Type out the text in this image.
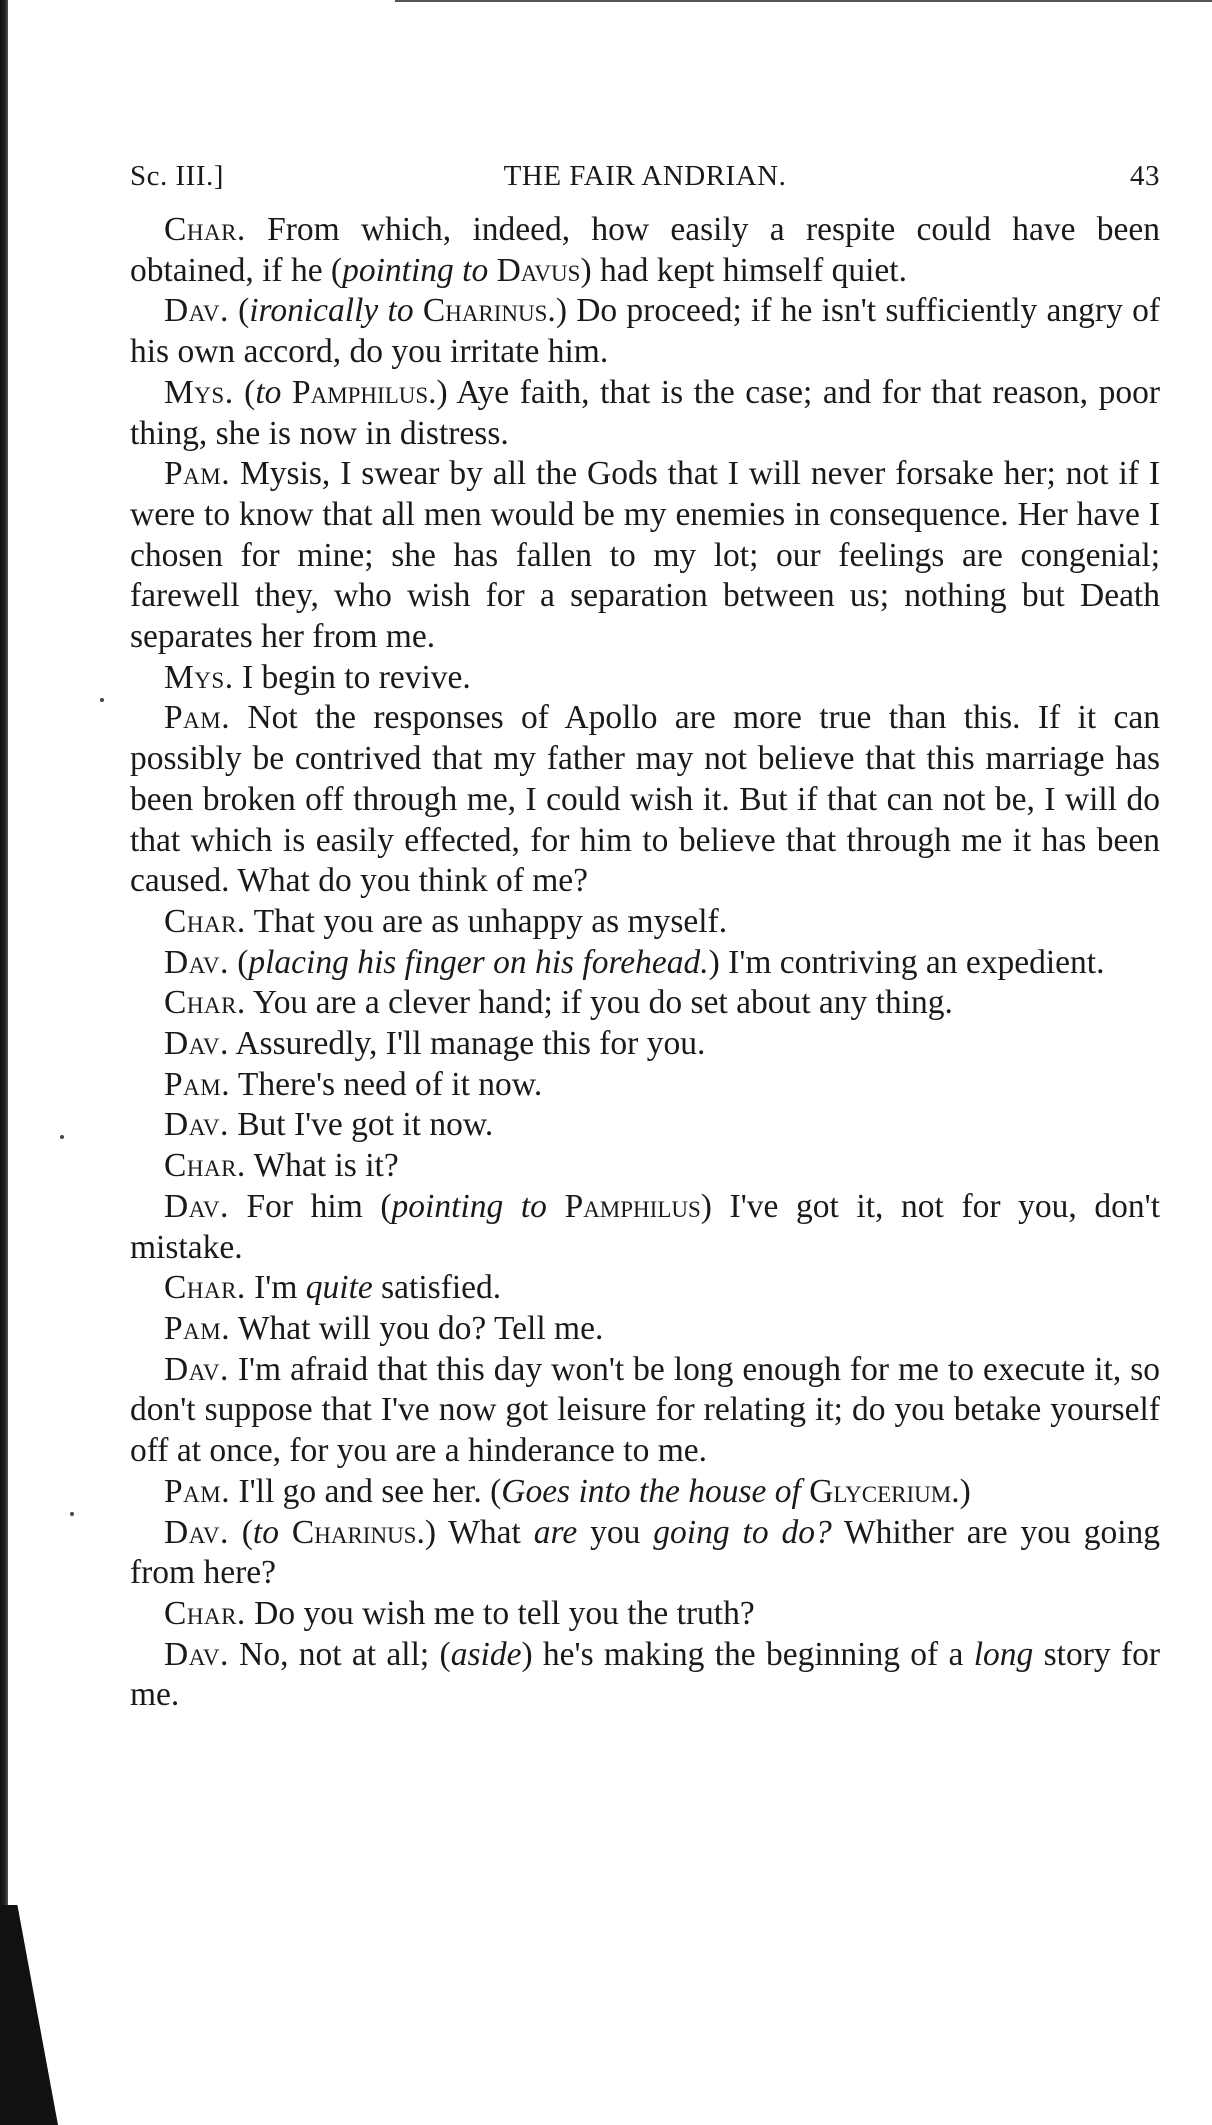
Sc. III.]	THE FAIR ANDRIAN.	43

Char. From which, indeed, how easily a respite could have been obtained, if he (pointing to Davus) had kept himself quiet.

Dav. (ironically to Charinus.) Do proceed; if he isn't sufficiently angry of his own accord, do you irritate him.

Mys. (to Pamphilus.) Aye faith, that is the case; and for that reason, poor thing, she is now in distress.

Pam. Mysis, I swear by all the Gods that I will never forsake her; not if I were to know that all men would be my enemies in consequence. Her have I chosen for mine; she has fallen to my lot; our feelings are congenial; farewell they, who wish for a separation between us; nothing but Death separates her from me.

Mys. I begin to revive.

Pam. Not the responses of Apollo are more true than this. If it can possibly be contrived that my father may not believe that this marriage has been broken off through me, I could wish it. But if that can not be, I will do that which is easily effected, for him to believe that through me it has been caused. What do you think of me?

Char. That you are as unhappy as myself.

Dav. (placing his finger on his forehead.) I'm contriving an expedient.

Char. You are a clever hand; if you do set about any thing.

Dav. Assuredly, I'll manage this for you.

Pam. There's need of it now.

Dav. But I've got it now.

Char. What is it?

Dav. For him (pointing to Pamphilus) I've got it, not for you, don't mistake.

Char. I'm quite satisfied.

Pam. What will you do? Tell me.

Dav. I'm afraid that this day won't be long enough for me to execute it, so don't suppose that I've now got leisure for relating it; do you betake yourself off at once, for you are a hinderance to me.

Pam. I'll go and see her. (Goes into the house of Glycerium.)

Dav. (to Charinus.) What are you going to do? Whither are you going from here?

Char. Do you wish me to tell you the truth?

Dav. No, not at all; (aside) he's making the beginning of a long story for me.
